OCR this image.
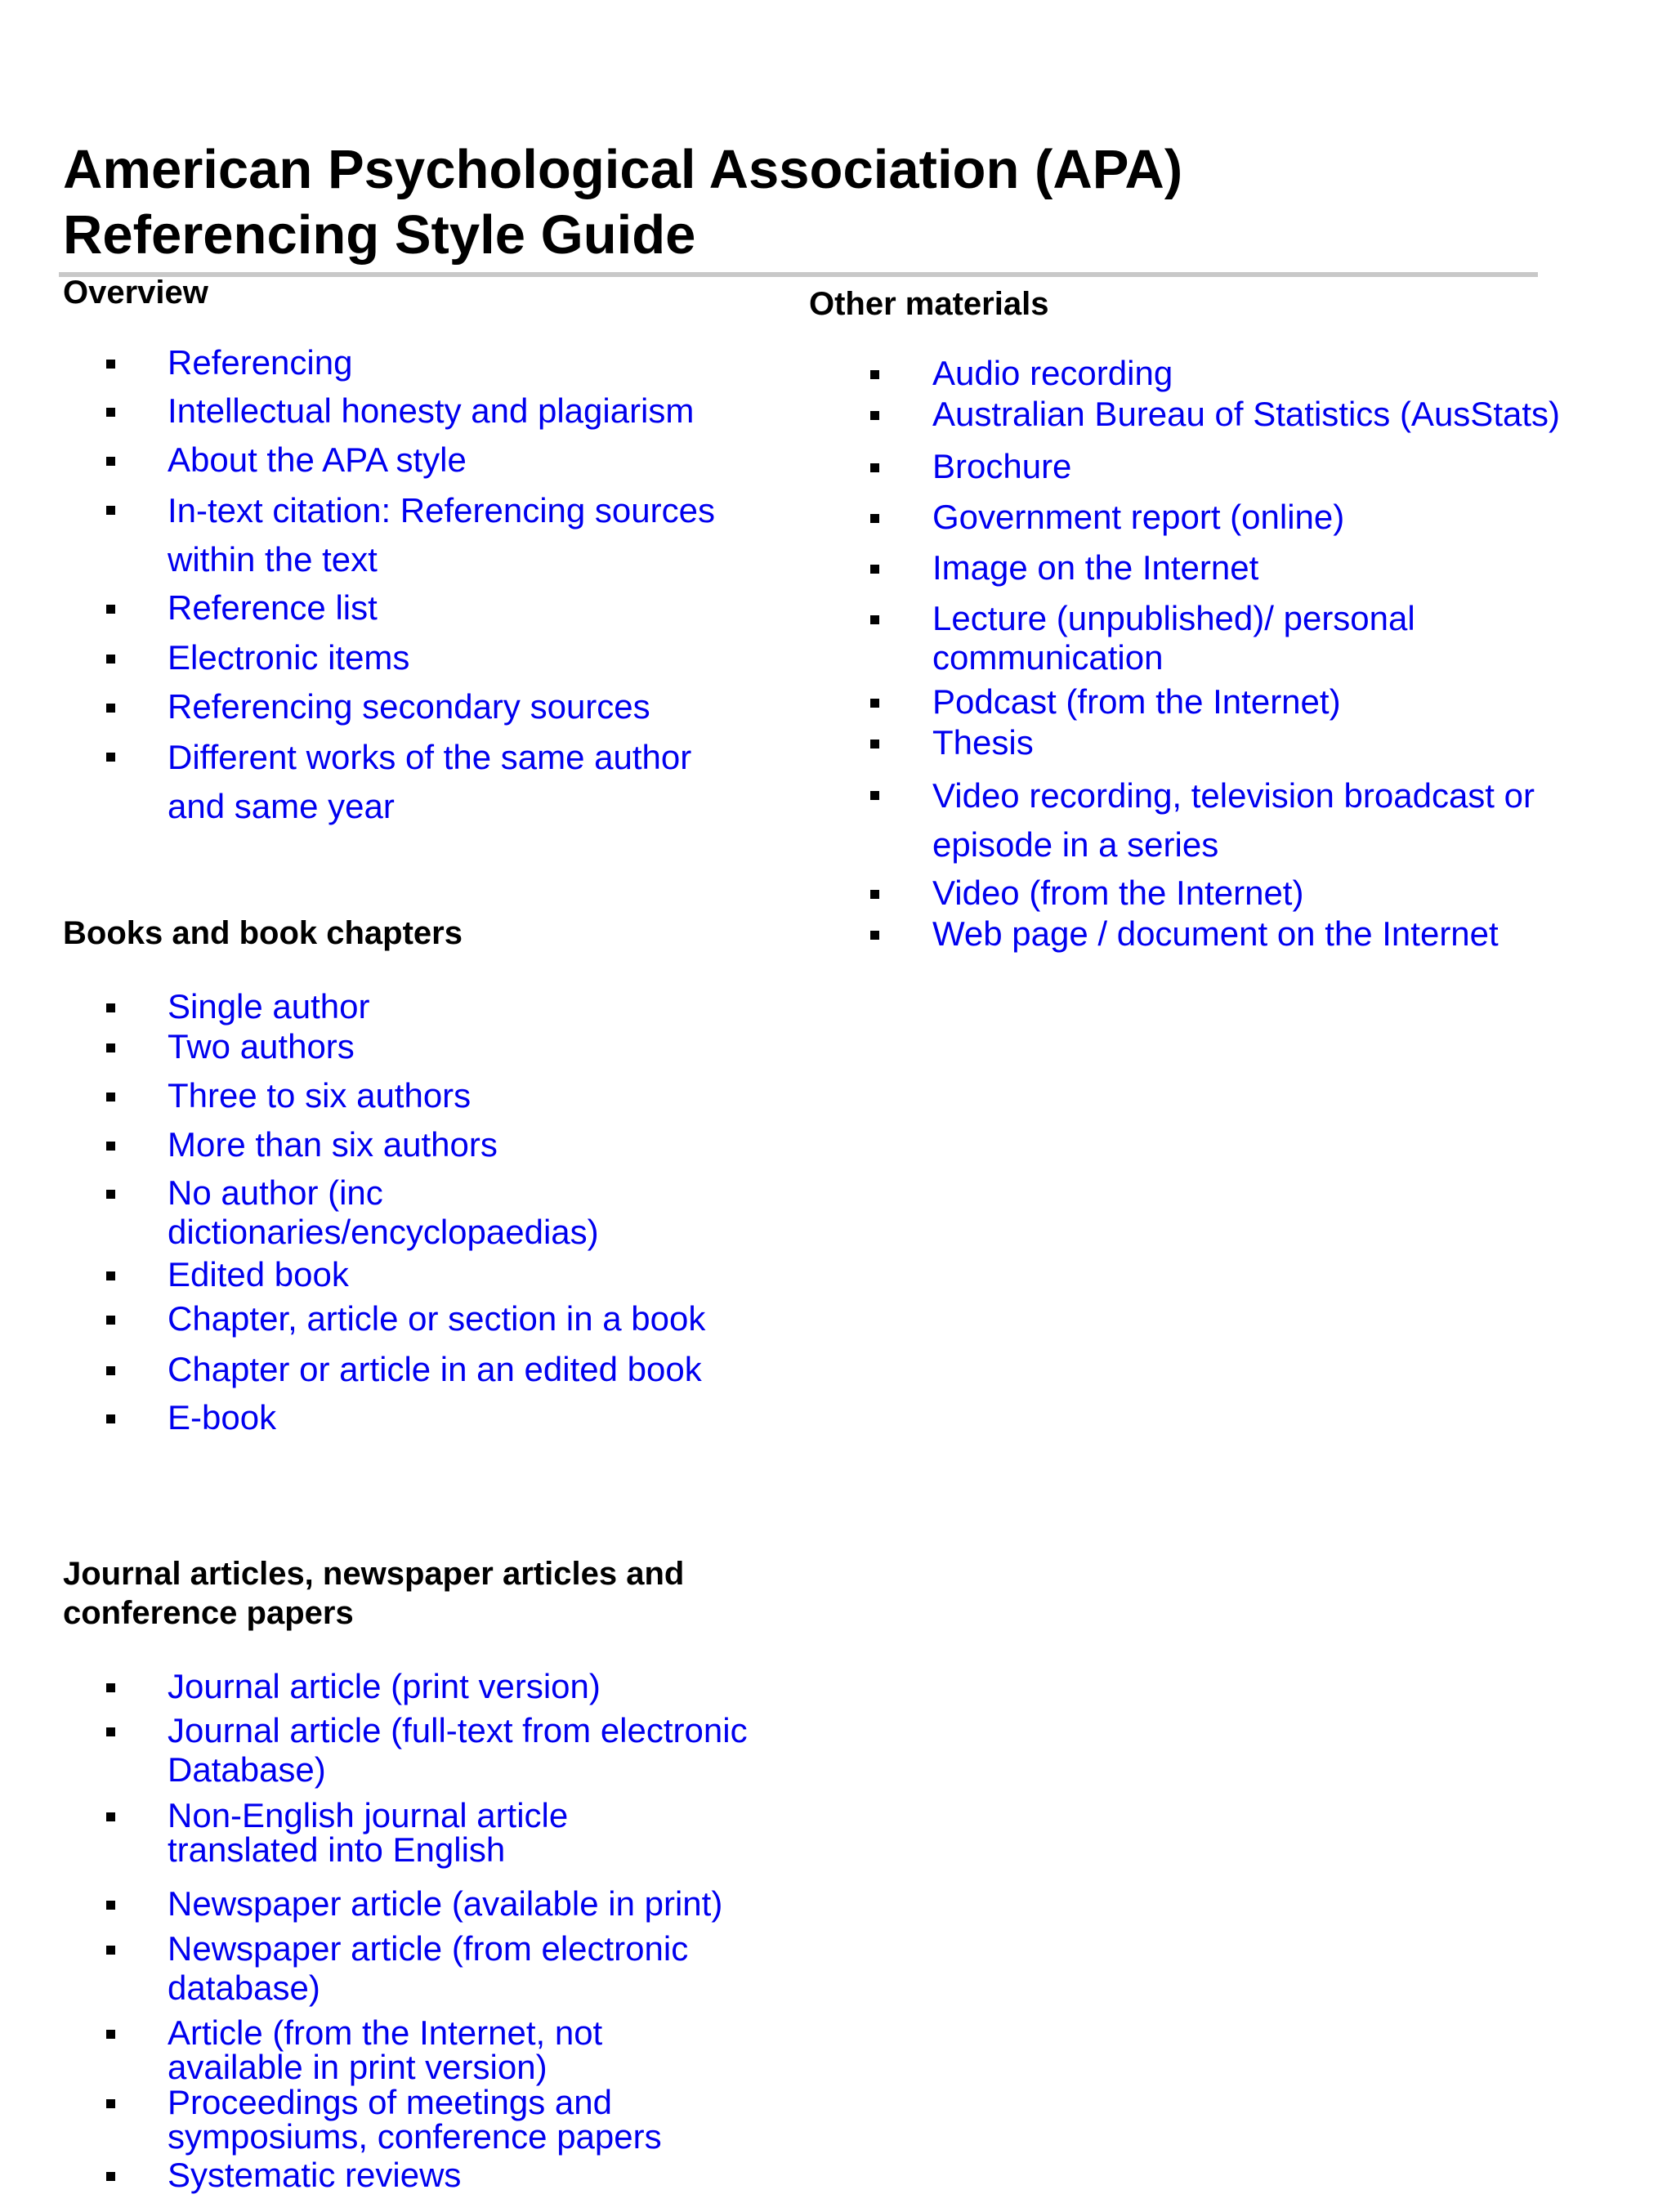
American Psychological Association (APA)
Referencing Style Guide
Overview
Referencing
Intellectual honesty and plagiarism
About the APA style
In-text citation: Referencing sources
within the text
Reference list
Electronic items
Referencing secondary sources
Different works of the same author
and same year
Books and book chapters
Single author
Two authors
Three to six authors
More than six authors
No author (inc
dictionaries/encyclopaedias)
Edited book
Chapter, article or section in a book
Chapter or article in an edited book
E-book
Journal articles, newspaper articles and
conference papers
Journal article (print version)
Journal article (full-text from electronic
Database)
Non-English journal article
translated into English
Newspaper article (available in print)
Newspaper article (from electronic
database)
Article (from the Internet, not
available in print version)
Proceedings of meetings and
symposiums, conference papers
Systematic reviews
Other materials
Audio recording
Australian Bureau of Statistics (AusStats)
Brochure
Government report (online)
Image on the Internet
Lecture (unpublished)/ personal
communication
Podcast (from the Internet)
Thesis
Video recording, television broadcast or
episode in a series
Video (from the Internet)
Web page / document on the Internet
